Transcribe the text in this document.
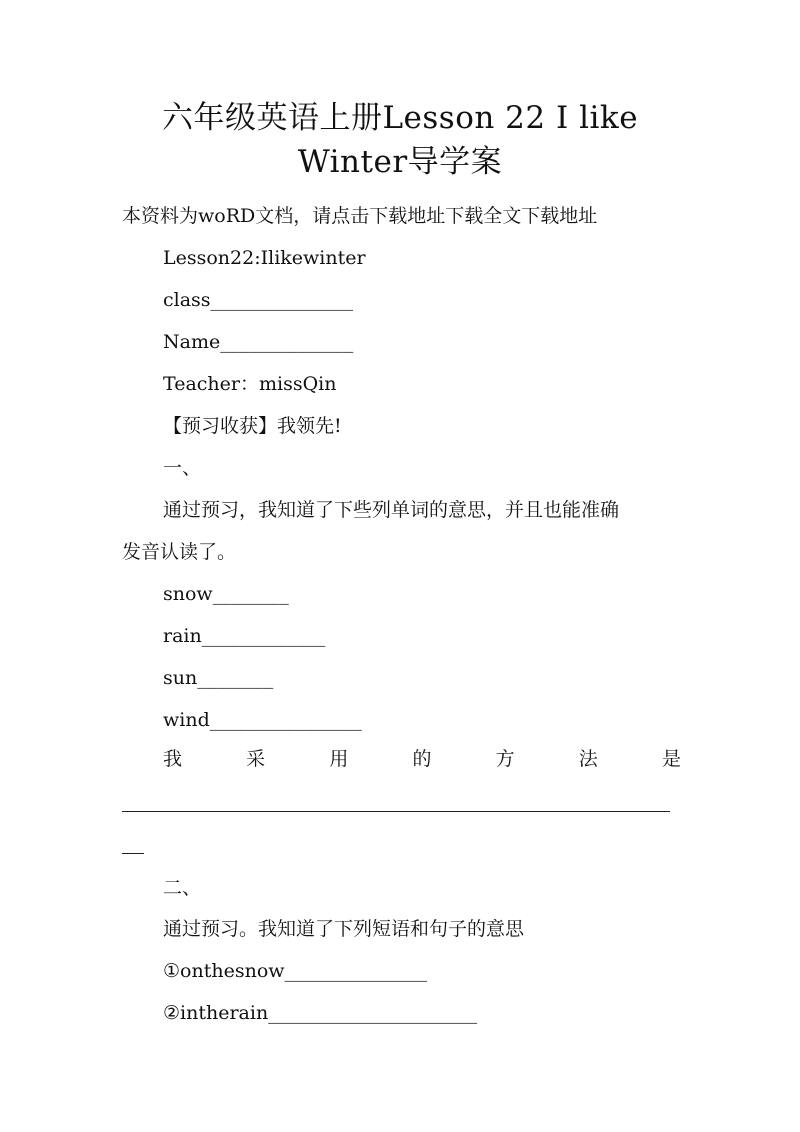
六年级英语上册Lesson 22 I like
Winter导学案
本资料为woRD文档，请点击下载地址下载全文下载地址
Lesson22:Ilikewinter
class_______________
Name______________
Teacher：missQin
【预习收获】我领先!
一、
通过预习，我知道了下些列单词的意思，并且也能准确
发音认读了。
snow________
rain_____________
sun________
wind________________
我	采	用	的	方	法	是
二、
通过预习。我知道了下列短语和句子的意思
①onthesnow_______________
②intherain______________________
